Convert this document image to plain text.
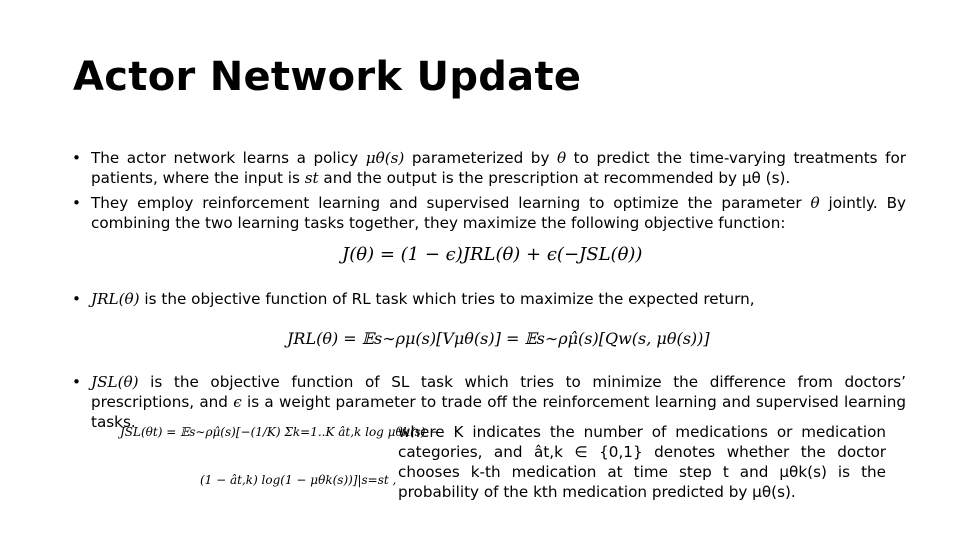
Actor Network Update

• The actor network learns a policy μθ(s) parameterized by θ to predict the time-varying treatments for patients, where the input is st and the output is the prescription at recommended by μθ (s).

• They employ reinforcement learning and supervised learning to optimize the parameter θ jointly. By combining the two learning tasks together, they maximize the following objective function:

J(θ) = (1 − ϵ)JRL(θ) + ϵ(−JSL(θ))

• JRL(θ) is the objective function of RL task which tries to maximize the expected return,

JRL(θ) = 𝔼s∼ρμ(s)[Vμθ(s)] = 𝔼s∼ρμ̂(s)[Qw(s, μθ(s))]

• JSL(θ) is the objective function of SL task which tries to minimize the difference from doctors’ prescriptions, and ϵ is a weight parameter to trade off the reinforcement learning and supervised learning tasks.

JSL(θt) = 𝔼s∼ρμ̂(s)[−(1/K) Σk=1..K ât,k log μθk(s) −
(1 − ât,k) log(1 − μθk(s))]|s=st ,
where K indicates the number of medications or medication categories, and ât,k ∈ {0,1} denotes whether the doctor chooses k-th medication at time step t and μθk(s) is the probability of the kth medication predicted by μθ(s).
